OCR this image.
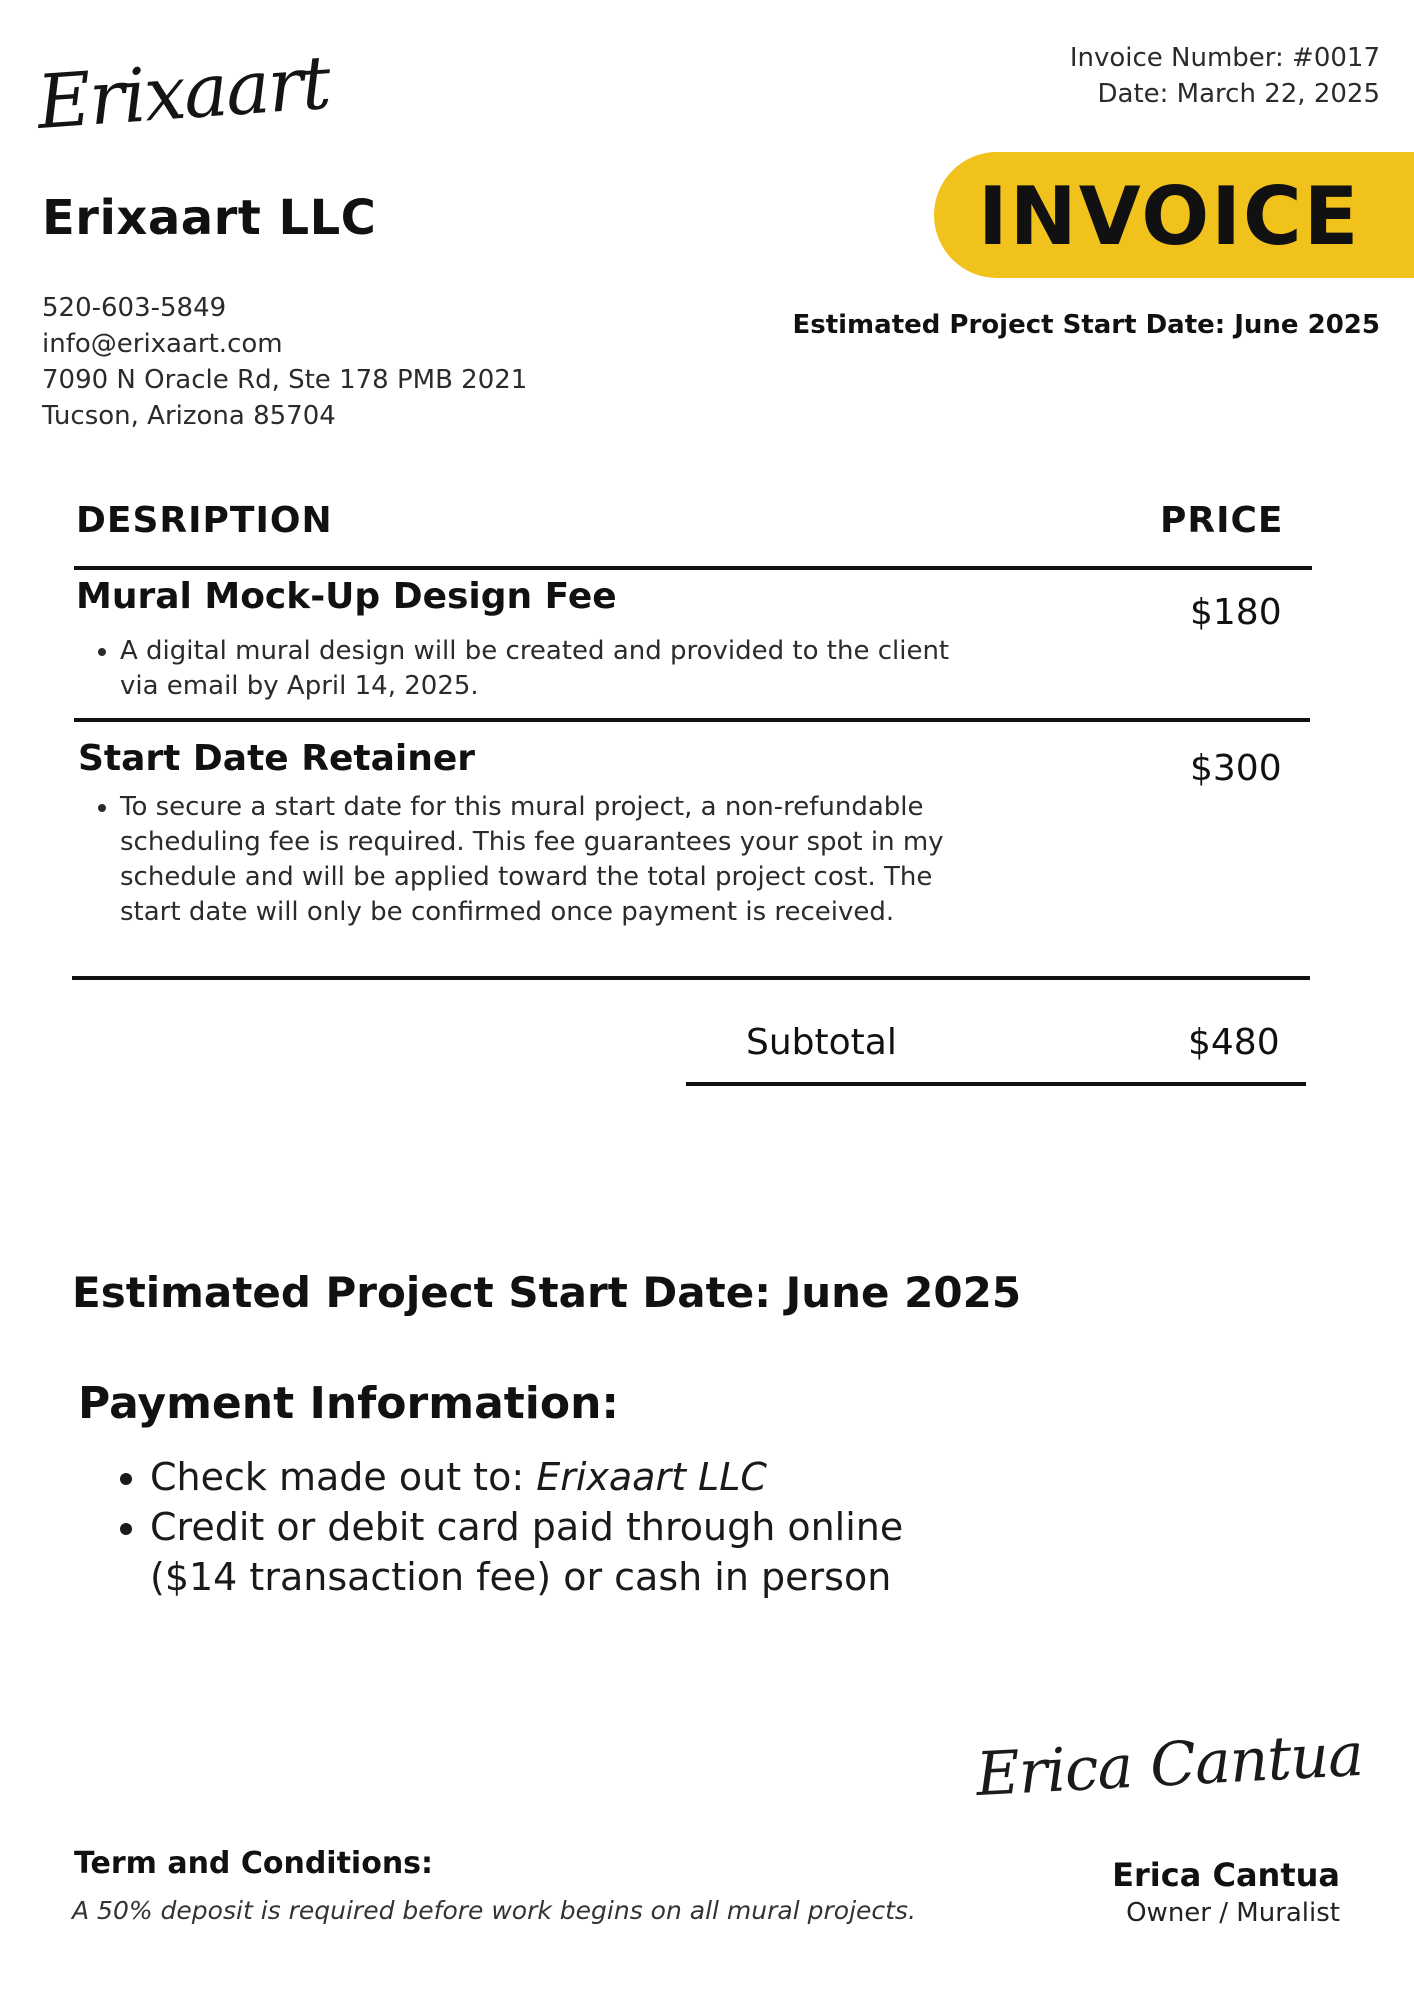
Erixaart
Erixaart LLC
520-603-5849
info@erixaart.com
7090 N Oracle Rd, Ste 178 PMB 2021
Tucson, Arizona 85704
Invoice Number: #0017
Date: March 22, 2025
INVOICE
Estimated Project Start Date: June 2025
DESRIPTION	PRICE
Mural Mock-Up Design Fee	$180
• A digital mural design will be created and provided to the client via email by April 14, 2025.
Start Date Retainer	$300
• To secure a start date for this mural project, a non-refundable scheduling fee is required. This fee guarantees your spot in my schedule and will be applied toward the total project cost. The start date will only be confirmed once payment is received.
Subtotal	$480
Estimated Project Start Date: June 2025
Payment Information:
• Check made out to: Erixaart LLC
• Credit or debit card paid through online ($14 transaction fee) or cash in person
Erica Cantua
Erica Cantua
Owner / Muralist
Term and Conditions:
A 50% deposit is required before work begins on all mural projects.
